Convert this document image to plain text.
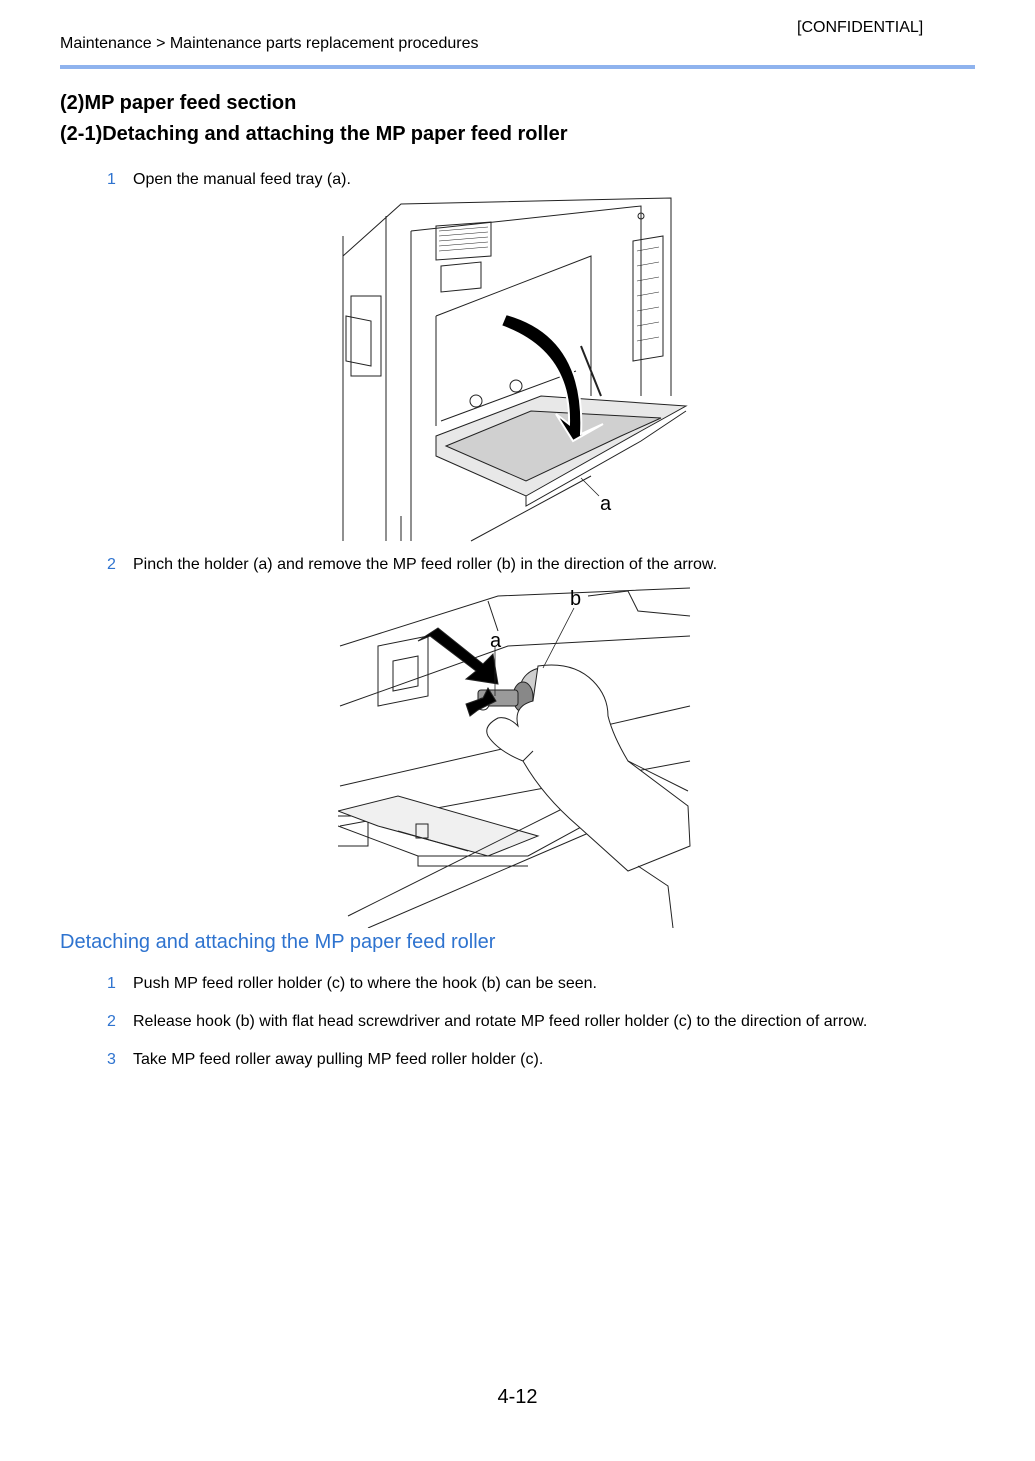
[CONFIDENTIAL]
Maintenance > Maintenance parts replacement procedures
(2)MP paper feed section
(2-1)Detaching and attaching the MP paper feed roller
1 Open the manual feed tray (a).
a
2 Pinch the holder (a) and remove the MP feed roller (b) in the direction of the arrow.
a
b
Detaching and attaching the MP paper feed roller
1 Push MP feed roller holder (c) to where the hook (b) can be seen.
2 Release hook (b) with flat head screwdriver and rotate MP feed roller holder (c) to the direction of arrow.
3 Take MP feed roller away pulling MP feed roller holder (c).
4-12
